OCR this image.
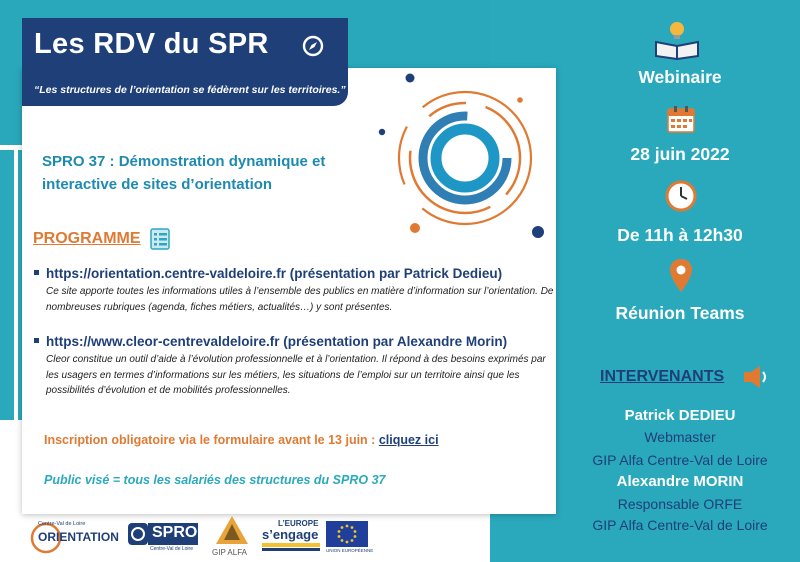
Les RDV du SPR
“Les structures de l’orientation se fédèrent sur les territoires.”
SPRO 37 : Démonstration dynamique et interactive de sites d’orientation
PROGRAMME
https://orientation.centre-valdeloire.fr (présentation par Patrick Dedieu)
Ce site apporte toutes les informations utiles à l’ensemble des publics en matière d’information sur l’orientation. De nombreuses rubriques (agenda, fiches métiers, actualités…) y sont présentes.
https://www.cleor-centrevaldeloire.fr (présentation par Alexandre Morin)
Cleor constitue un outil d’aide à l’évolution professionnelle et à l’orientation. Il répond à des besoins exprimés par les usagers en termes d’informations sur les métiers, les situations de l’emploi sur un territoire ainsi que les possibilités d’évolution et de mobilités professionnelles.
Inscription obligatoire via le formulaire avant le 13 juin : cliquez ici
Public visé = tous les salariés des structures du SPRO 37
Webinaire
28 juin 2022
De 11h à 12h30
Réunion Teams
INTERVENANTS
Patrick DEDIEU
Webmaster
GIP Alfa Centre-Val de Loire
Alexandre MORIN
Responsable ORFE
GIP Alfa Centre-Val de Loire
Centre-Val de Loire
ORIENTATION SPRO
Centre-Val de Loire GIP ALFA
L’EUROPE
s’engage
UNION EUROPÉENNE
